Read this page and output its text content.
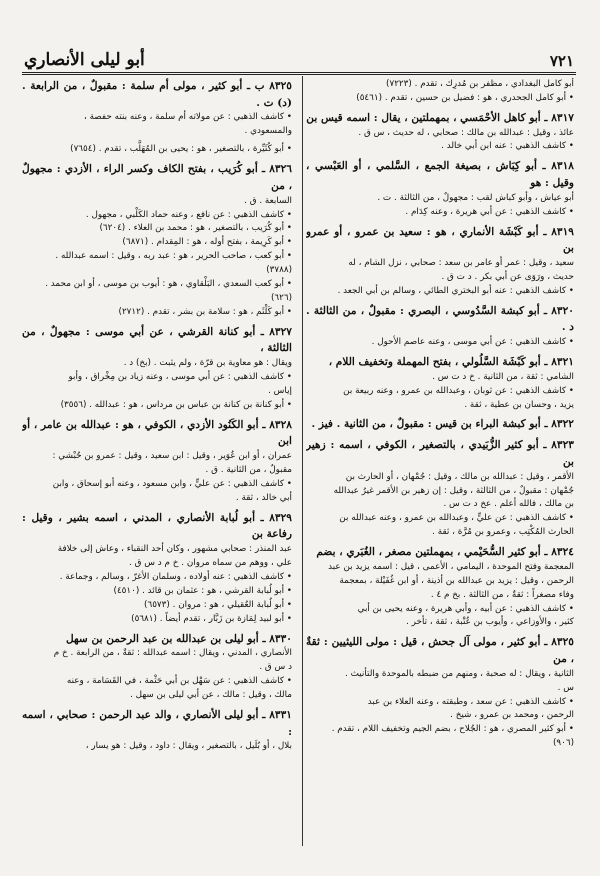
أبو ليلى الأنصاري	٧٢١
أبو كامل البغدادي ، مظفر بن مُدرِك ، تقدم . (٧٢٢٣)
• أبو كامل الجحدري ، هو : فضيل بن حسين ، تقدم . (٥٤٦١)
٨٣١٧ ـ أبو كاهل الأحْمَسي ، بمهملتين ، يقال : اسمه قيس بن
عائذ ، وقيل : عبدالله بن مالك : صحابي ، له حديث ، س ق .
• كاشف الذهبي : عنه ابن أبي خالد .
٨٣١٨ ـ أبو كِبَاش ، بصيغة الجمع ، السَّلمي ، أو العَبْسي ، وقيل : هو
أبو عياش ، وأبو كباش لقب : مجهولٌ ، من الثالثة . ت .
• كاشف الذهبي : عن أبي هريرة ، وعنه كِدَام .
٨٣١٩ ـ أبو كَبْشَة الأنماري ، هو : سعيد بن عمرو ، أو عمرو بن
سعيد ، وقيل : عمر أو عامر بن سعد : صحابي ، نزل الشام ، له
حديث ، ورَوَى عن أبي بكر . د ت ق .
• كاشف الذهبي : عنه أبو البختري الطائي ، وسالم بن أبي الجعد .
٨٣٢٠ ـ أبو كبشة السَّدُوسي ، البصري : مقبولٌ ، من الثالثة . د .
• كاشف الذهبي : عن أبي موسى ، وعنه عاصم الأحول .
٨٣٢١ ـ أبو كَبْشَة السَّلُولي ، بفتح المهملة وتخفيف اللام ،
الشامي : ثقة ، من الثانية . خ د ت س .
• كاشف الذهبي : عن ثوبان ، وعبدالله بن عمرو ، وعنه ربيعة بن
يزيد ، وحسان بن عطية ، ثقة .
٨٣٢٢ ـ أبو كبشة البراء بن قيس : مقبولٌ ، من الثانية . فيز .
٨٣٢٣ ـ أبو كثير الزُّبَيدي ، بالتصغير ، الكوفي ، اسمه : زهير بن
الأقمر ، وقيل : عبدالله بن مالك ، وقيل : جُمْهان ، أو الحارث بن
جُمْهان : مقبولٌ ، من الثالثة ، وقيل : إن زهير بن الأقمر غيرُ عبدالله
بن مالك ، فالله أعلم . عخ د ت س .
• كاشف الذهبي : عن عليٍّ ، وعبدالله بن عمرو ، وعنه عبدالله بن
الحارث المُكْتِب ، وعمرو بن مُرَّة ، ثقة .
٨٣٢٤ ـ أبو كثير السُّحَيْمي ، بمهملتين مصغر ، الغُبَري ، بضم
المعجمة وفتح الموحدة ، اليمامي ، الأعمى ، قيل : اسمه يزيد بن عبد
الرحمن ، وقيل : يزيد بن عبدالله بن أذينة ، أو ابن غُفَيْلة ، بمعجمة
وفاء مصغراً : ثقةٌ ، من الثالثة . بخ م ٤ .
• كاشف الذهبي : عن أبيه ، وأبي هريرة ، وعنه يحيى بن أبي
كثير ، والأوزاعي ، وأيوب بن عُتْبة ، ثقة ، تأخر .
٨٣٢٥ ـ أبو كثير ، مولى آل جحش ، قيل : مولى الليثيين : ثقةٌ ، من
الثانية ، ويقال : له صحبة ، ومنهم من ضبطه بالموحدة والتأنيث .
س .
• كاشف الذهبي : عن سعد ، وطبقته ، وعنه العلاء بن عبد
الرحمن ، ومحمد بن عمرو ، شيخ .
• أبو كثير المصري ، هو : الجُلاح ، بضم الجيم وتخفيف اللام ، تقدم .
(٩٠٦)
٨٣٢٥ ب ـ أبو كثير ، مولى أم سلمة : مقبولٌ ، من الرابعة . (د) ت .
• كاشف الذهبي : عن مولاته أم سلمة ، وعنه بنته حفصة ،
والمسعودي .
• أبو كُثَيِّرة ، بالتصغير ، هو : يحيى بن المُهَلَّب ، تقدم . (٧٦٥٤)
٨٣٢٦ ـ أبو كُرَيب ، بفتح الكاف وكسر الراء ، الأزدي : مجهولٌ ، من
السابعة . ق .
• كاشف الذهبي : عن نافع ، وعنه حماد الكَلْبي ، مجهول .
• أبو كُرَيب ، بالتصغير ، هو : محمد بن العلاء . (٦٢٠٤)
• أبو كَرِيمة ، بفتح أوله ، هو : المِقدام . (٦٨٧١)
• أبو كعب ، صاحب الحرير ، هو : عبد ربه ، وقيل : اسمه عبدالله .
(٣٧٨٨)
• أبو كعب السعدي ، البَلْقاوي ، هو : أيوب بن موسى ، أو ابن محمد .
(٦٢٦)
• أبو كَلْثَم ، هو : سلامة بن بشر ، تقدم . (٢٧١٢)
٨٣٢٧ ـ أبو كنانة القرشي ، عن أبي موسى : مجهولٌ ، من الثالثة ،
ويقال : هو معاوية بن قرّة ، ولم يثبت . (بخ) د .
• كاشف الذهبي : عن أبي موسى ، وعنه زياد بن مِخْراق ، وأبو
إياس .
• أبو كنانة بن كنانة بن عباس بن مرداس ، هو : عبدالله . (٣٥٥٦)
٨٣٢٨ ـ أبو الكَنُود الأزدي ، الكوفي ، هو : عبدالله بن عامر ، أو ابن
عمران ، أو ابن عُوَير ، وقيل : ابن سعيد ، وقيل : عمرو بن حُبْشي :
مقبولٌ ، من الثانية . ق .
• كاشف الذهبي : عن عليٍّ ، وابن مسعود ، وعنه أبو إسحاق ، وابن
أبي خالد ، ثقة .
٨٣٢٩ ـ أبو لُبابة الأنصاري ، المدني ، اسمه بشير ، وقيل : رفاعة بن
عبد المنذر : صحابي مشهور ، وكان أحد النقباء ، وعاش إلى خلافة
علي ، ووهم من سماه مروان . خ م د س ق .
• كاشف الذهبي : عنه أولاده ، وسلمان الأغرّ ، وسالم ، وجماعة .
• أبو لُبابة القرشي ، هو : عثمان بن قائد . (٤٥١٠)
• أبو لُبابة العُقيلي ، هو : مروان . (٦٥٧٣)
• أبو لبيد لِمَازة بن زَبَّار ، تقدم أيضاً . (٥٦٨١)
٨٣٣٠ ـ أبو ليلى بن عبدالله بن عبد الرحمن بن سهل
الأنصاري ، المدني ، ويقال : اسمه عبدالله : ثقةٌ ، من الرابعة . خ م
د س ق .
• كاشف الذهبي : عن سَهْل بن أبي حَثْمة ، في القَسَامة ، وعنه
مالك ، وقيل : مالك ، عن أبي ليلى بن سهل .
٨٣٣١ ـ أبو ليلى الأنصاري ، والد عبد الرحمن : صحابي ، اسمه :
بلال ، أو بُلَيل ، بالتصغير ، ويقال : داود ، وقيل : هو يسار ،
